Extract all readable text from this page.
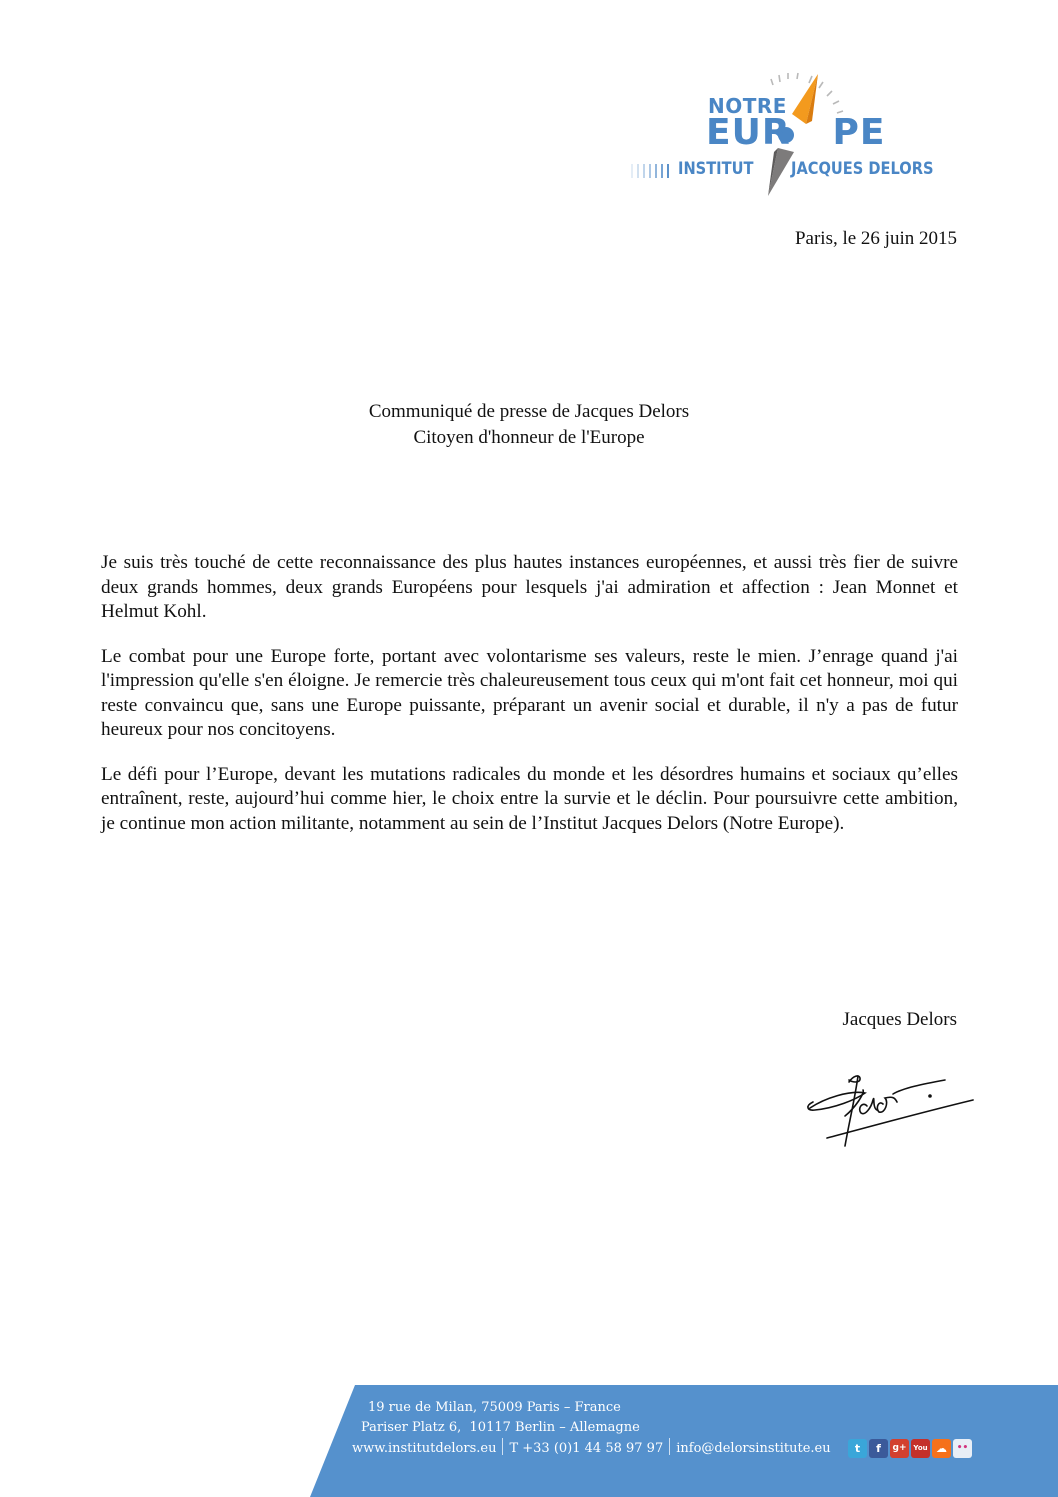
NOTRE
EUR PE
INSTITUT JACQUES DELORS
Paris, le 26 juin 2015
Communiqué de presse de Jacques Delors
Citoyen d'honneur de l'Europe

Je suis très touché de cette reconnaissance des plus hautes instances européennes, et aussi très fier de suivre deux grands hommes, deux grands Européens pour lesquels j'ai admiration et affection : Jean Monnet et Helmut Kohl.

Le combat pour une Europe forte, portant avec volontarisme ses valeurs, reste le mien. J’enrage quand j'ai l'impression qu'elle s'en éloigne. Je remercie très chaleureusement tous ceux qui m'ont fait cet honneur, moi qui reste convaincu que, sans une Europe puissante, préparant un avenir social et durable, il n'y a pas de futur heureux pour nos concitoyens.

Le défi pour l’Europe, devant les mutations radicales du monde et les désordres humains et sociaux qu’elles entraînent, reste, aujourd’hui comme hier, le choix entre la survie et le déclin. Pour poursuivre cette ambition, je continue mon action militante, notamment au sein de l’Institut Jacques Delors (Notre Europe).

Jacques Delors
19 rue de Milan, 75009 Paris – France
Pariser Platz 6,  10117 Berlin – Allemagne
www.institutdelors.eu T +33 (0)1 44 58 97 97 info@delorsinstitute.eu	t	f	g+ You ☁	••
